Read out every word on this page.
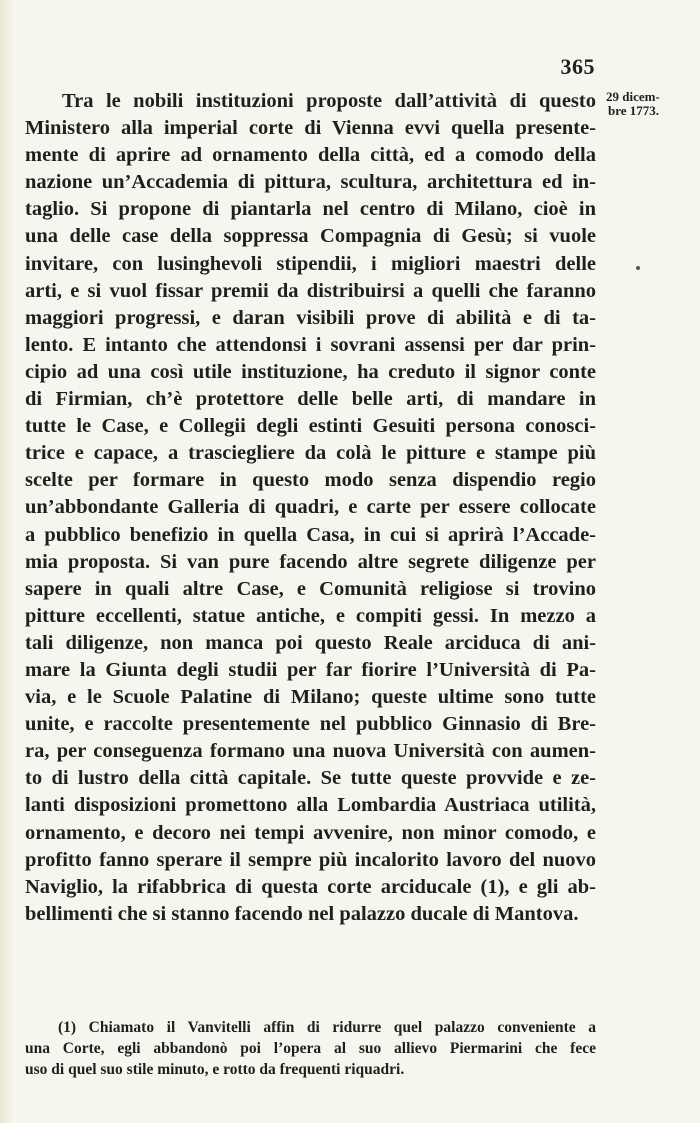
365
29 dicem-
bre 1773.
Tra le nobili instituzioni proposte dall’attività di questo
Ministero alla imperial corte di Vienna evvi quella presente-
mente di aprire ad ornamento della città, ed a comodo della
nazione un’Accademia di pittura, scultura, architettura ed in-
taglio. Si propone di piantarla nel centro di Milano, cioè in
una delle case della soppressa Compagnia di Gesù; si vuole
invitare, con lusinghevoli stipendii, i migliori maestri delle
arti, e si vuol fissar premii da distribuirsi a quelli che faranno
maggiori progressi, e daran visibili prove di abilità e di ta-
lento. E intanto che attendonsi i sovrani assensi per dar prin-
cipio ad una così utile instituzione, ha creduto il signor conte
di Firmian, ch’è protettore delle belle arti, di mandare in
tutte le Case, e Collegii degli estinti Gesuiti persona conosci-
trice e capace, a trasciegliere da colà le pitture e stampe più
scelte per formare in questo modo senza dispendio regio
un’abbondante Galleria di quadri, e carte per essere collocate
a pubblico benefizio in quella Casa, in cui si aprirà l’Accade-
mia proposta. Si van pure facendo altre segrete diligenze per
sapere in quali altre Case, e Comunità religiose si trovino
pitture eccellenti, statue antiche, e compiti gessi. In mezzo a
tali diligenze, non manca poi questo Reale arciduca di ani-
mare la Giunta degli studii per far fiorire l’Università di Pa-
via, e le Scuole Palatine di Milano; queste ultime sono tutte
unite, e raccolte presentemente nel pubblico Ginnasio di Bre-
ra, per conseguenza formano una nuova Università con aumen-
to di lustro della città capitale. Se tutte queste provvide e ze-
lanti disposizioni promettono alla Lombardia Austriaca utilità,
ornamento, e decoro nei tempi avvenire, non minor comodo, e
profitto fanno sperare il sempre più incalorito lavoro del nuovo
Naviglio, la rifabbrica di questa corte arciducale (1), e gli ab-
bellimenti che si stanno facendo nel palazzo ducale di Mantova.
(1) Chiamato il Vanvitelli affin di ridurre quel palazzo conveniente a
una Corte, egli abbandonò poi l’opera al suo allievo Piermarini che fece
uso di quel suo stile minuto, e rotto da frequenti riquadri.
